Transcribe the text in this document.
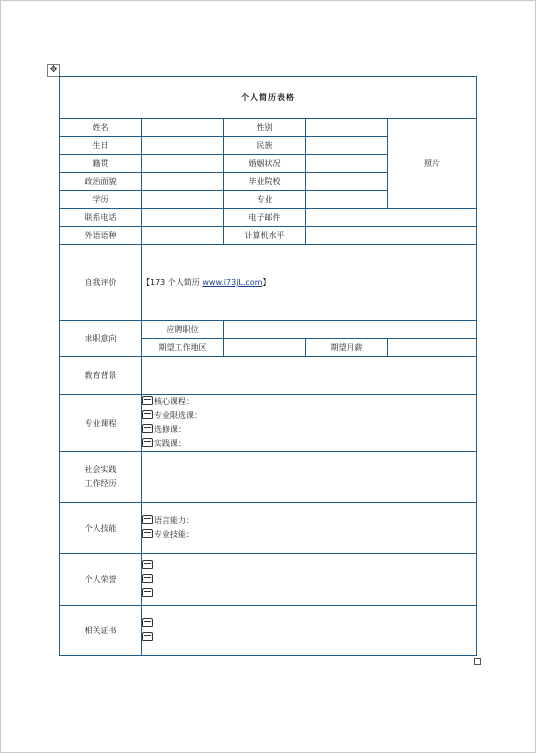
✥
个人简历表格				
姓名		性别		照片
生日		民族		
籍贯		婚姻状况		
政治面貌		毕业院校		
学历		专业		
联系电话		电子邮件		
外语语种		计算机水平		
自我评价	【173 个人简历 www.i73jL.com】			
求职意向	应聘职位			
	期望工作地区		期望月薪	
教育背景				
专业课程	核心课程：
专业限选课：
选修课：
实践课：			

社会实践
工作经历				

个人技能	语言能力：
专业技能：			

个人荣誉				

相关证书				
